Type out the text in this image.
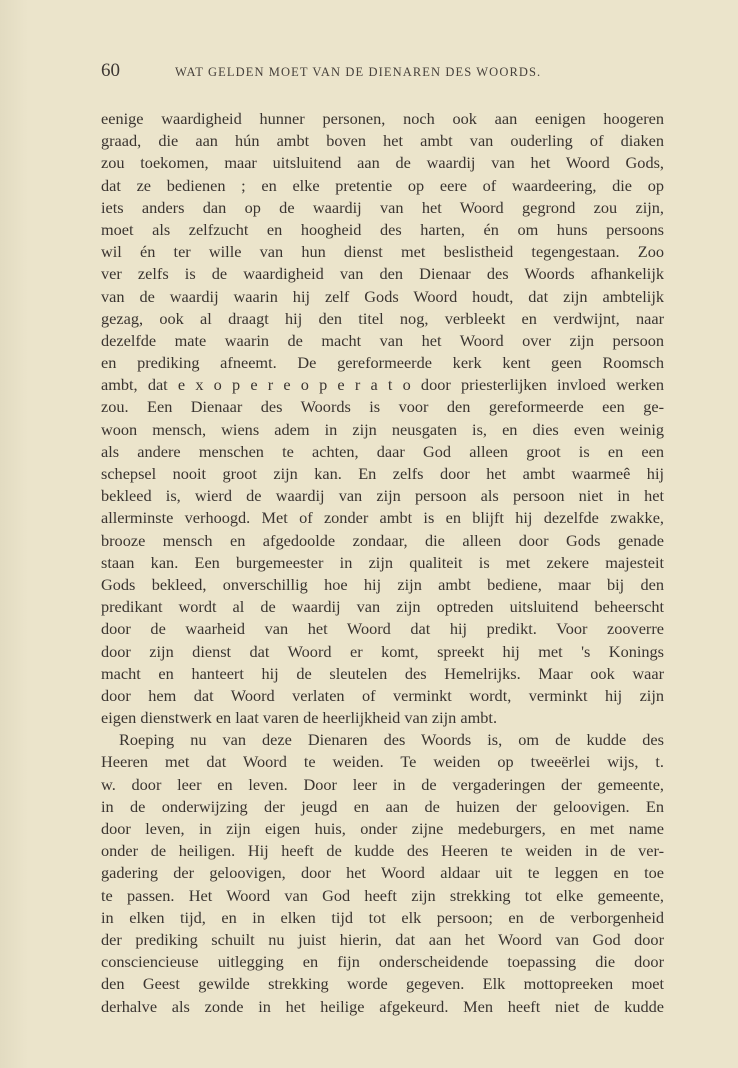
60	WAT GELDEN MOET VAN DE DIENAREN DES WOORDS.
eenige waardigheid hunner personen, noch ook aan eenigen hoogeren
graad, die aan hún ambt boven het ambt van ouderling of diaken
zou toekomen, maar uitsluitend aan de waardij van het Woord Gods,
dat ze bedienen ; en elke pretentie op eere of waardeering, die op
iets anders dan op de waardij van het Woord gegrond zou zijn,
moet als zelfzucht en hoogheid des harten, én om huns persoons
wil én ter wille van hun dienst met beslistheid tegengestaan. Zoo
ver zelfs is de waardigheid van den Dienaar des Woords afhankelijk
van de waardij waarin hij zelf Gods Woord houdt, dat zijn ambtelijk
gezag, ook al draagt hij den titel nog, verbleekt en verdwijnt, naar
dezelfde mate waarin de macht van het Woord over zijn persoon
en prediking afneemt. De gereformeerde kerk kent geen Roomsch
ambt, dat e x o p e r e o p e r a t o door priesterlijken invloed werken
zou. Een Dienaar des Woords is voor den gereformeerde een ge-
woon mensch, wiens adem in zijn neusgaten is, en dies even weinig
als andere menschen te achten, daar God alleen groot is en een
schepsel nooit groot zijn kan. En zelfs door het ambt waarmeê hij
bekleed is, wierd de waardij van zijn persoon als persoon niet in het
allerminste verhoogd. Met of zonder ambt is en blijft hij dezelfde zwakke,
brooze mensch en afgedoolde zondaar, die alleen door Gods genade
staan kan. Een burgemeester in zijn qualiteit is met zekere majesteit
Gods bekleed, onverschillig hoe hij zijn ambt bediene, maar bij den
predikant wordt al de waardij van zijn optreden uitsluitend beheerscht
door de waarheid van het Woord dat hij predikt. Voor zooverre
door zijn dienst dat Woord er komt, spreekt hij met 's Konings
macht en hanteert hij de sleutelen des Hemelrijks. Maar ook waar
door hem dat Woord verlaten of verminkt wordt, verminkt hij zijn
eigen dienstwerk en laat varen de heerlijkheid van zijn ambt.
Roeping nu van deze Dienaren des Woords is, om de kudde des
Heeren met dat Woord te weiden. Te weiden op tweeërlei wijs, t.
w. door leer en leven. Door leer in de vergaderingen der gemeente,
in de onderwijzing der jeugd en aan de huizen der geloovigen. En
door leven, in zijn eigen huis, onder zijne medeburgers, en met name
onder de heiligen. Hij heeft de kudde des Heeren te weiden in de ver-
gadering der geloovigen, door het Woord aldaar uit te leggen en toe
te passen. Het Woord van God heeft zijn strekking tot elke gemeente,
in elken tijd, en in elken tijd tot elk persoon; en de verborgenheid
der prediking schuilt nu juist hierin, dat aan het Woord van God door
consciencieuse uitlegging en fijn onderscheidende toepassing die door
den Geest gewilde strekking worde gegeven. Elk mottopreeken moet
derhalve als zonde in het heilige afgekeurd. Men heeft niet de kudde
